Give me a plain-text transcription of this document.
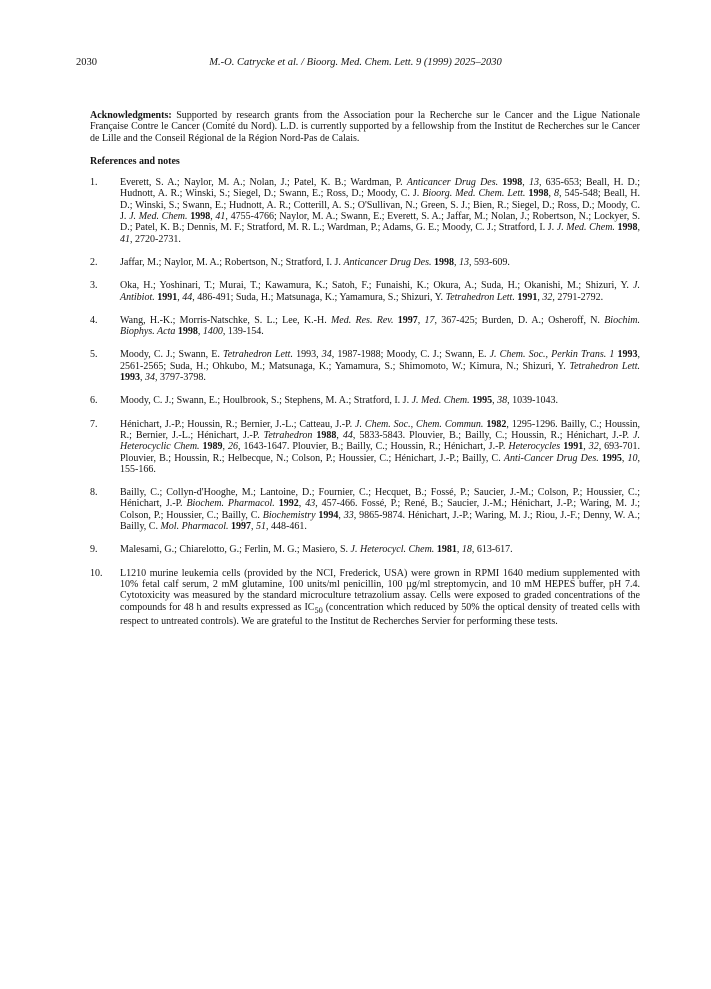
2030	M.-O. Catrycke et al. / Bioorg. Med. Chem. Lett. 9 (1999) 2025–2030

Acknowledgments: Supported by research grants from the Association pour la Recherche sur le Cancer and the Ligue Nationale Française Contre le Cancer (Comité du Nord). L.D. is currently supported by a fellowship from the Institut de Recherches sur le Cancer de Lille and the Conseil Régional de la Région Nord-Pas de Calais.

References and notes

1. Everett, S. A.; Naylor, M. A.; Nolan, J.; Patel, K. B.; Wardman, P. Anticancer Drug Des. 1998, 13, 635-653; Beall, H. D.; Hudnott, A. R.; Winski, S.; Siegel, D.; Swann, E.; Ross, D.; Moody, C. J. Bioorg. Med. Chem. Lett. 1998, 8, 545-548; Beall, H. D.; Winski, S.; Swann, E.; Hudnott, A. R.; Cotterill, A. S.; O'Sullivan, N.; Green, S. J.; Bien, R.; Siegel, D.; Ross, D.; Moody, C. J. J. Med. Chem. 1998, 41, 4755-4766; Naylor, M. A.; Swann, E.; Everett, S. A.; Jaffar, M.; Nolan, J.; Robertson, N.; Lockyer, S. D.; Patel, K. B.; Dennis, M. F.; Stratford, M. R. L.; Wardman, P.; Adams, G. E.; Moody, C. J.; Stratford, I. J. J. Med. Chem. 1998, 41, 2720-2731.
2. Jaffar, M.; Naylor, M. A.; Robertson, N.; Stratford, I. J. Anticancer Drug Des. 1998, 13, 593-609.
3. Oka, H.; Yoshinari, T.; Murai, T.; Kawamura, K.; Satoh, F.; Funaishi, K.; Okura, A.; Suda, H.; Okanishi, M.; Shizuri, Y. J. Antibiot. 1991, 44, 486-491; Suda, H.; Matsunaga, K.; Yamamura, S.; Shizuri, Y. Tetrahedron Lett. 1991, 32, 2791-2792.
4. Wang, H.-K.; Morris-Natschke, S. L.; Lee, K.-H. Med. Res. Rev. 1997, 17, 367-425; Burden, D. A.; Osheroff, N. Biochim. Biophys. Acta 1998, 1400, 139-154.
5. Moody, C. J.; Swann, E. Tetrahedron Lett. 1993, 34, 1987-1988; Moody, C. J.; Swann, E. J. Chem. Soc., Perkin Trans. 1 1993, 2561-2565; Suda, H.; Ohkubo, M.; Matsunaga, K.; Yamamura, S.; Shimomoto, W.; Kimura, N.; Shizuri, Y. Tetrahedron Lett. 1993, 34, 3797-3798.
6. Moody, C. J.; Swann, E.; Houlbrook, S.; Stephens, M. A.; Stratford, I. J. J. Med. Chem. 1995, 38, 1039-1043.
7. Hénichart, J.-P.; Houssin, R.; Bernier, J.-L.; Catteau, J.-P. J. Chem. Soc., Chem. Commun. 1982, 1295-1296. Bailly, C.; Houssin, R.; Bernier, J.-L.; Hénichart, J.-P. Tetrahedron 1988, 44, 5833-5843. Plouvier, B.; Bailly, C.; Houssin, R.; Hénichart, J.-P. J. Heterocyclic Chem. 1989, 26, 1643-1647. Plouvier, B.; Bailly, C.; Houssin, R.; Hénichart, J.-P. Heterocycles 1991, 32, 693-701. Plouvier, B.; Houssin, R.; Helbecque, N.; Colson, P.; Houssier, C.; Hénichart, J.-P.; Bailly, C. Anti-Cancer Drug Des. 1995, 10, 155-166.
8. Bailly, C.; Collyn-d'Hooghe, M.; Lantoine, D.; Fournier, C.; Hecquet, B.; Fossé, P.; Saucier, J.-M.; Colson, P.; Houssier, C.; Hénichart, J.-P. Biochem. Pharmacol. 1992, 43, 457-466. Fossé, P.; René, B.; Saucier, J.-M.; Hénichart, J.-P.; Waring, M. J.; Colson, P.; Houssier, C.; Bailly, C. Biochemistry 1994, 33, 9865-9874. Hénichart, J.-P.; Waring, M. J.; Riou, J.-F.; Denny, W. A.; Bailly, C. Mol. Pharmacol. 1997, 51, 448-461.
9. Malesami, G.; Chiarelotto, G.; Ferlin, M. G.; Masiero, S. J. Heterocycl. Chem. 1981, 18, 613-617.
10. L1210 murine leukemia cells (provided by the NCI, Frederick, USA) were grown in RPMI 1640 medium supplemented with 10% fetal calf serum, 2 mM glutamine, 100 units/ml penicillin, 100 µg/ml streptomycin, and 10 mM HEPES buffer, pH 7.4. Cytotoxicity was measured by the standard microculture tetrazolium assay. Cells were exposed to graded concentrations of the compounds for 48 h and results expressed as $IC_{50}$ (concentration which reduced by 50% the optical density of treated cells with respect to untreated controls). We are grateful to the Institut de Recherches Servier for performing these tests.
